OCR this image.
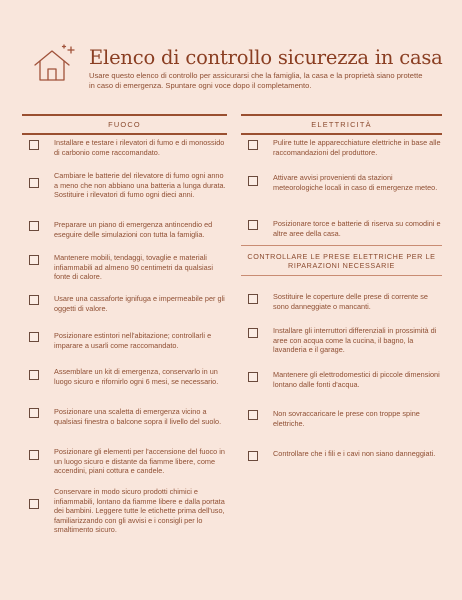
Elenco di controllo sicurezza in casa
Usare questo elenco di controllo per assicurarsi che la famiglia, la casa e la proprietà siano protette in caso di emergenza. Spuntare ogni voce dopo il completamento.
FUOCO
Installare e testare i rilevatori di fumo e di monossido di carbonio come raccomandato.
Cambiare le batterie del rilevatore di fumo ogni anno a meno che non abbiano una batteria a lunga durata. Sostituire i rilevatori di fumo ogni dieci anni.
Preparare un piano di emergenza antincendio ed eseguire delle simulazioni con tutta la famiglia.
Mantenere mobili, tendaggi, tovaglie e materiali infiammabili ad almeno 90 centimetri da qualsiasi fonte di calore.
Usare una cassaforte ignifuga e impermeabile per gli oggetti di valore.
Posizionare estintori nell'abitazione; controllarli e imparare a usarli come raccomandato.
Assemblare un kit di emergenza, conservarlo in un luogo sicuro e rifornirlo ogni 6 mesi, se necessario.
Posizionare una scaletta di emergenza vicino a qualsiasi finestra o balcone sopra il livello del suolo.
Posizionare gli elementi per l'accensione del fuoco in un luogo sicuro e distante da fiamme libere, come accendini, piani cottura e candele.
Conservare in modo sicuro prodotti chimici e infiammabili, lontano da fiamme libere e dalla portata dei bambini. Leggere tutte le etichette prima dell'uso, familiarizzando con gli avvisi e i consigli per lo smaltimento sicuro.
ELETTRICITÀ
Pulire tutte le apparecchiature elettriche in base alle raccomandazioni del produttore.
Attivare avvisi provenienti da stazioni meteorologiche locali in caso di emergenze meteo.
Posizionare torce e batterie di riserva su comodini e altre aree della casa.
CONTROLLARE LE PRESE ELETTRICHE PER LE RIPARAZIONI NECESSARIE
Sostituire le coperture delle prese di corrente se sono danneggiate o mancanti.
Installare gli interruttori differenziali in prossimità di aree con acqua come la cucina, il bagno, la lavanderia e il garage.
Mantenere gli elettrodomestici di piccole dimensioni lontano dalle fonti d'acqua.
Non sovraccaricare le prese con troppe spine elettriche.
Controllare che i fili e i cavi non siano danneggiati.
